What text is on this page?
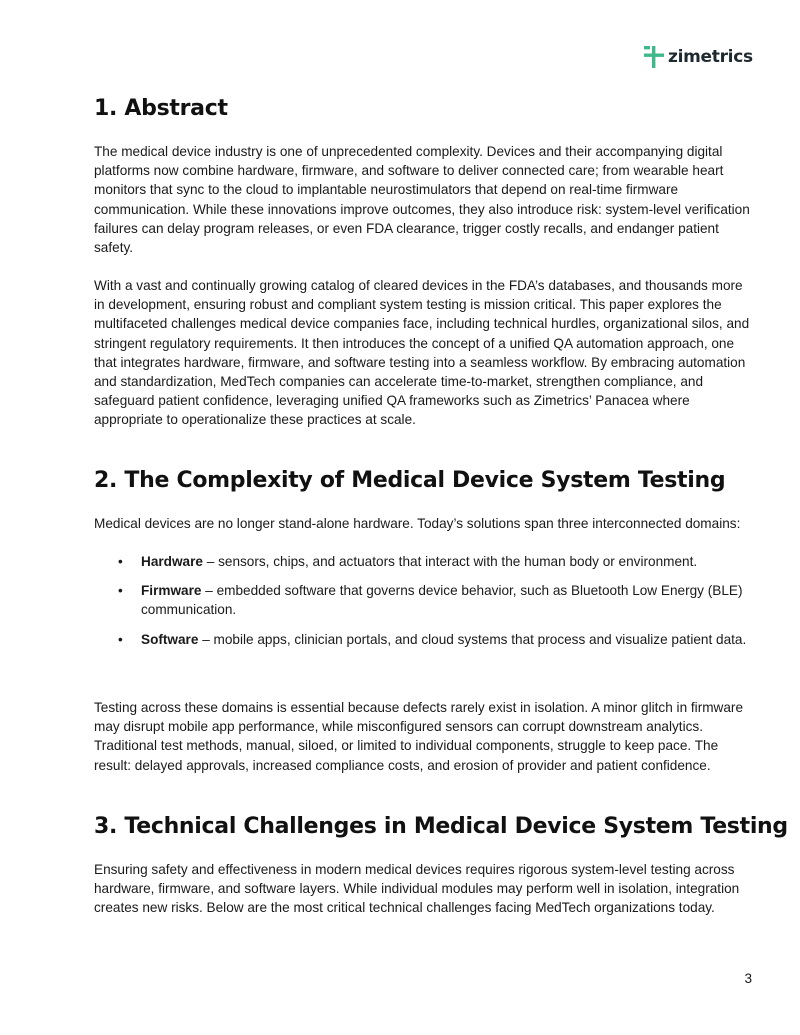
zimetrics
1. Abstract

The medical device industry is one of unprecedented complexity. Devices and their accompanying digital platforms now combine hardware, firmware, and software to deliver connected care; from wearable heart monitors that sync to the cloud to implantable neurostimulators that depend on real-time firmware communication. While these innovations improve outcomes, they also introduce risk: system-level verification failures can delay program releases, or even FDA clearance, trigger costly recalls, and endanger patient safety.

With a vast and continually growing catalog of cleared devices in the FDA’s databases, and thousands more in development, ensuring robust and compliant system testing is mission critical. This paper explores the multifaceted challenges medical device companies face, including technical hurdles, organizational silos, and stringent regulatory requirements. It then introduces the concept of a unified QA automation approach, one that integrates hardware, firmware, and software testing into a seamless workflow. By embracing automation and standardization, MedTech companies can accelerate time-to-market, strengthen compliance, and safeguard patient confidence, leveraging unified QA frameworks such as Zimetrics’ Panacea where appropriate to operationalize these practices at scale.

2. The Complexity of Medical Device System Testing

Medical devices are no longer stand-alone hardware. Today’s solutions span three interconnected domains:

• Hardware – sensors, chips, and actuators that interact with the human body or environment.
• Firmware – embedded software that governs device behavior, such as Bluetooth Low Energy (BLE) communication.
• Software – mobile apps, clinician portals, and cloud systems that process and visualize patient data.

Testing across these domains is essential because defects rarely exist in isolation. A minor glitch in firmware may disrupt mobile app performance, while misconfigured sensors can corrupt downstream analytics. Traditional test methods, manual, siloed, or limited to individual components, struggle to keep pace. The result: delayed approvals, increased compliance costs, and erosion of provider and patient confidence.

3. Technical Challenges in Medical Device System Testing

Ensuring safety and effectiveness in modern medical devices requires rigorous system-level testing across hardware, firmware, and software layers. While individual modules may perform well in isolation, integration creates new risks. Below are the most critical technical challenges facing MedTech organizations today.

3
